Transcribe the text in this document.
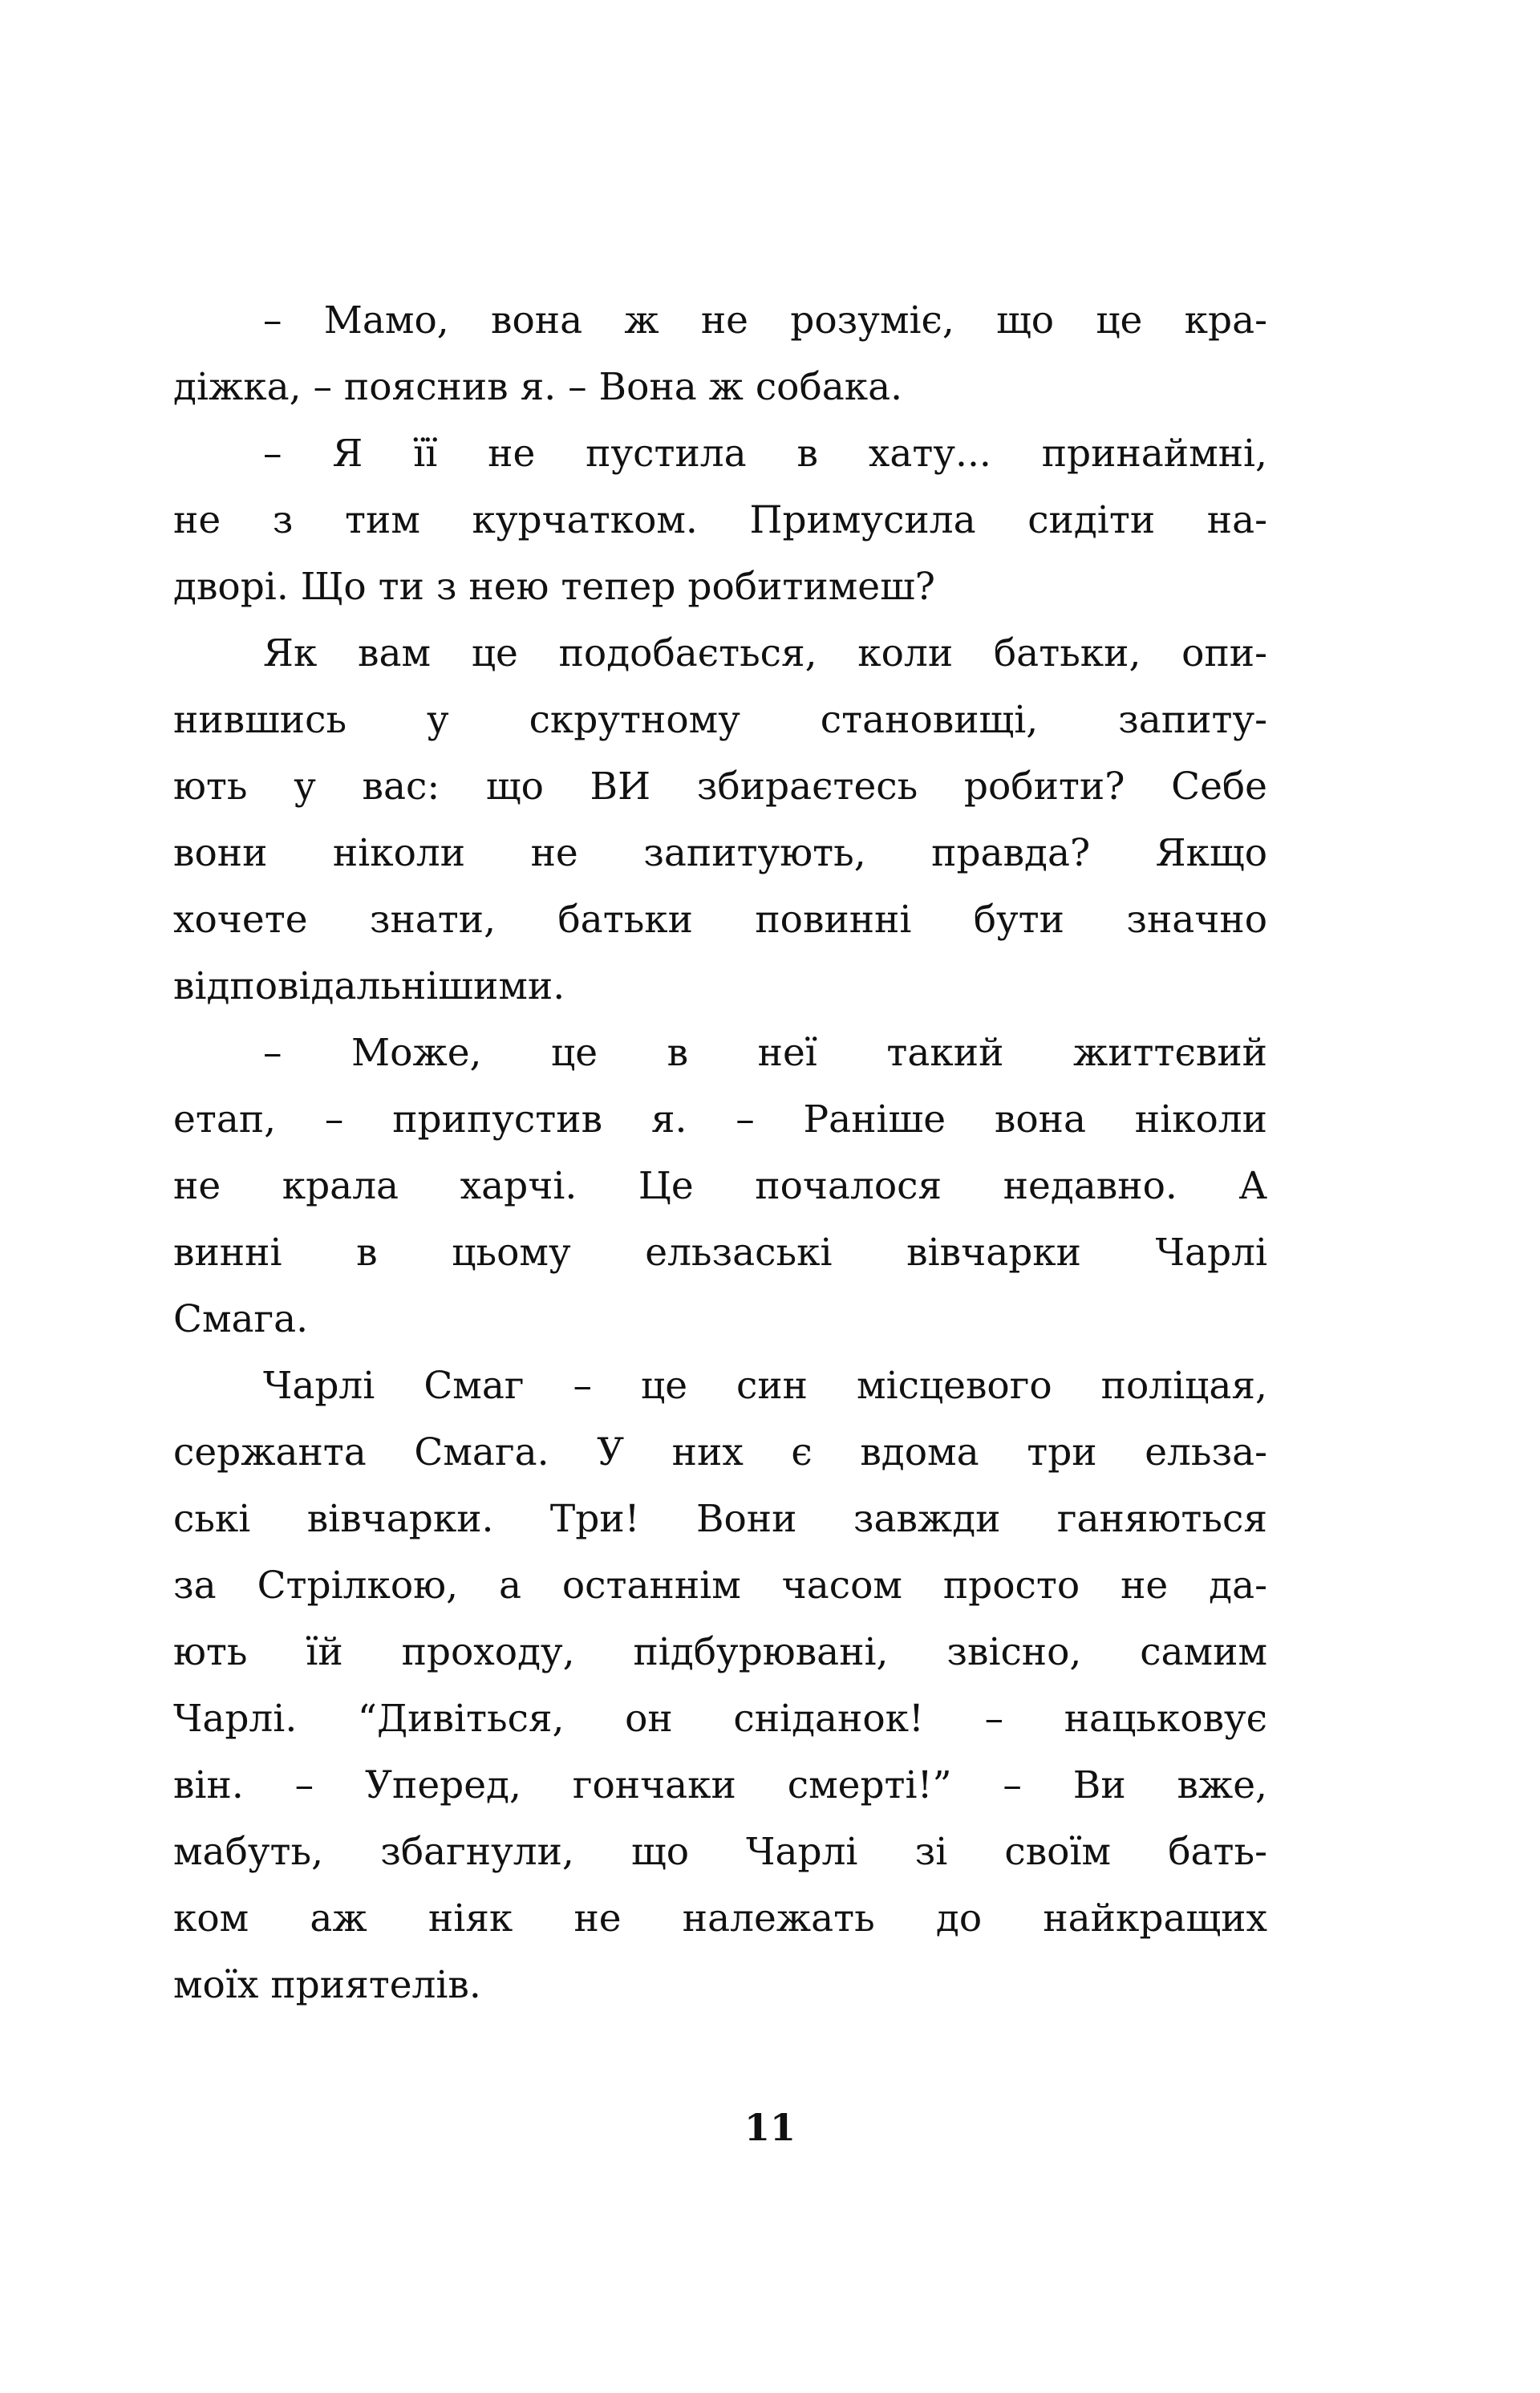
– Мамо, вона ж не розуміє, що це кра-
діжка, – пояснив я. – Вона ж собака.
– Я її не пустила в хату... принаймні,
не з тим курчатком. Примусила сидіти на-
дворі. Що ти з нею тепер робитимеш?
Як вам це подобається, коли батьки, опи-
нившись у скрутному становищі, запиту-
ють у вас: що ВИ збираєтесь робити? Себе
вони ніколи не запитують, правда? Якщо
хочете знати, батьки повинні бути значно
відповідальнішими.
– Може, це в неї такий життєвий
етап, – припустив я. – Раніше вона ніколи
не крала харчі. Це почалося недавно. А
винні в цьому ельзаські вівчарки Чарлі
Смага.
Чарлі Смаг – це син місцевого поліцая,
сержанта Смага. У них є вдома три ельза-
ські вівчарки. Три! Вони завжди ганяються
за Стрілкою, а останнім часом просто не да-
ють їй проходу, підбурювані, звісно, самим
Чарлі. “Дивіться, он сніданок! – нацьковує
він. – Уперед, гончаки смерті!” – Ви вже,
мабуть, збагнули, що Чарлі зі своїм бать-
ком аж ніяк не належать до найкращих
моїх приятелів.
11
